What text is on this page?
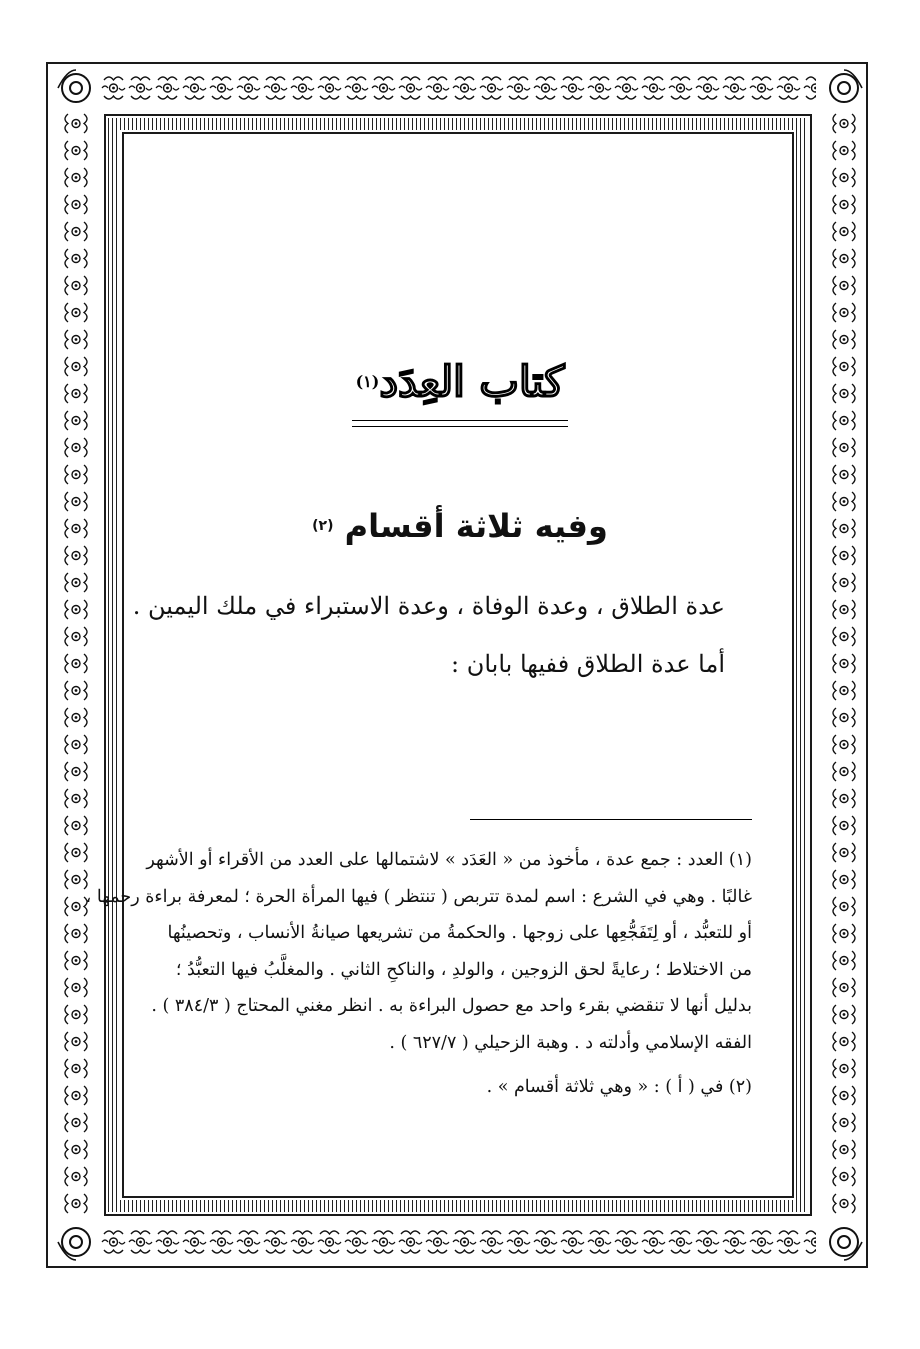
كتاب العِدَد$^{(١)}$
وفيه ثلاثة أقسام $^{(٢)}$
عدة الطلاق ، وعدة الوفاة ، وعدة الاستبراء في ملك اليمين .
أما عدة الطلاق ففيها بابان :
(١) العدد : جمع عدة ، مأخوذ من « العَدَد » لاشتمالها على العدد من الأقراء أو الأشهر
غالبًا . وهي في الشرع : اسم لمدة تتربص ( تنتظر ) فيها المرأة الحرة ؛ لمعرفة براءة رحمها ،
أو للتعبُّد ، أو لِتَفَجُّعِها على زوجها . والحكمةُ من تشريعها صيانةُ الأنساب ، وتحصينُها
من الاختلاط ؛ رعايةً لحق الزوجين ، والولدِ ، والناكحِ الثاني . والمغلَّبُ فيها التعبُّدُ ؛
بدليل أنها لا تنقضي بقرء واحد مع حصول البراءة به . انظر مغني المحتاج ( ٣٨٤/٣ ) .
الفقه الإسلامي وأدلته د . وهبة الزحيلي ( ٦٢٧/٧ ) .
(٢) في ( أ ) : « وهي ثلاثة أقسام » .
